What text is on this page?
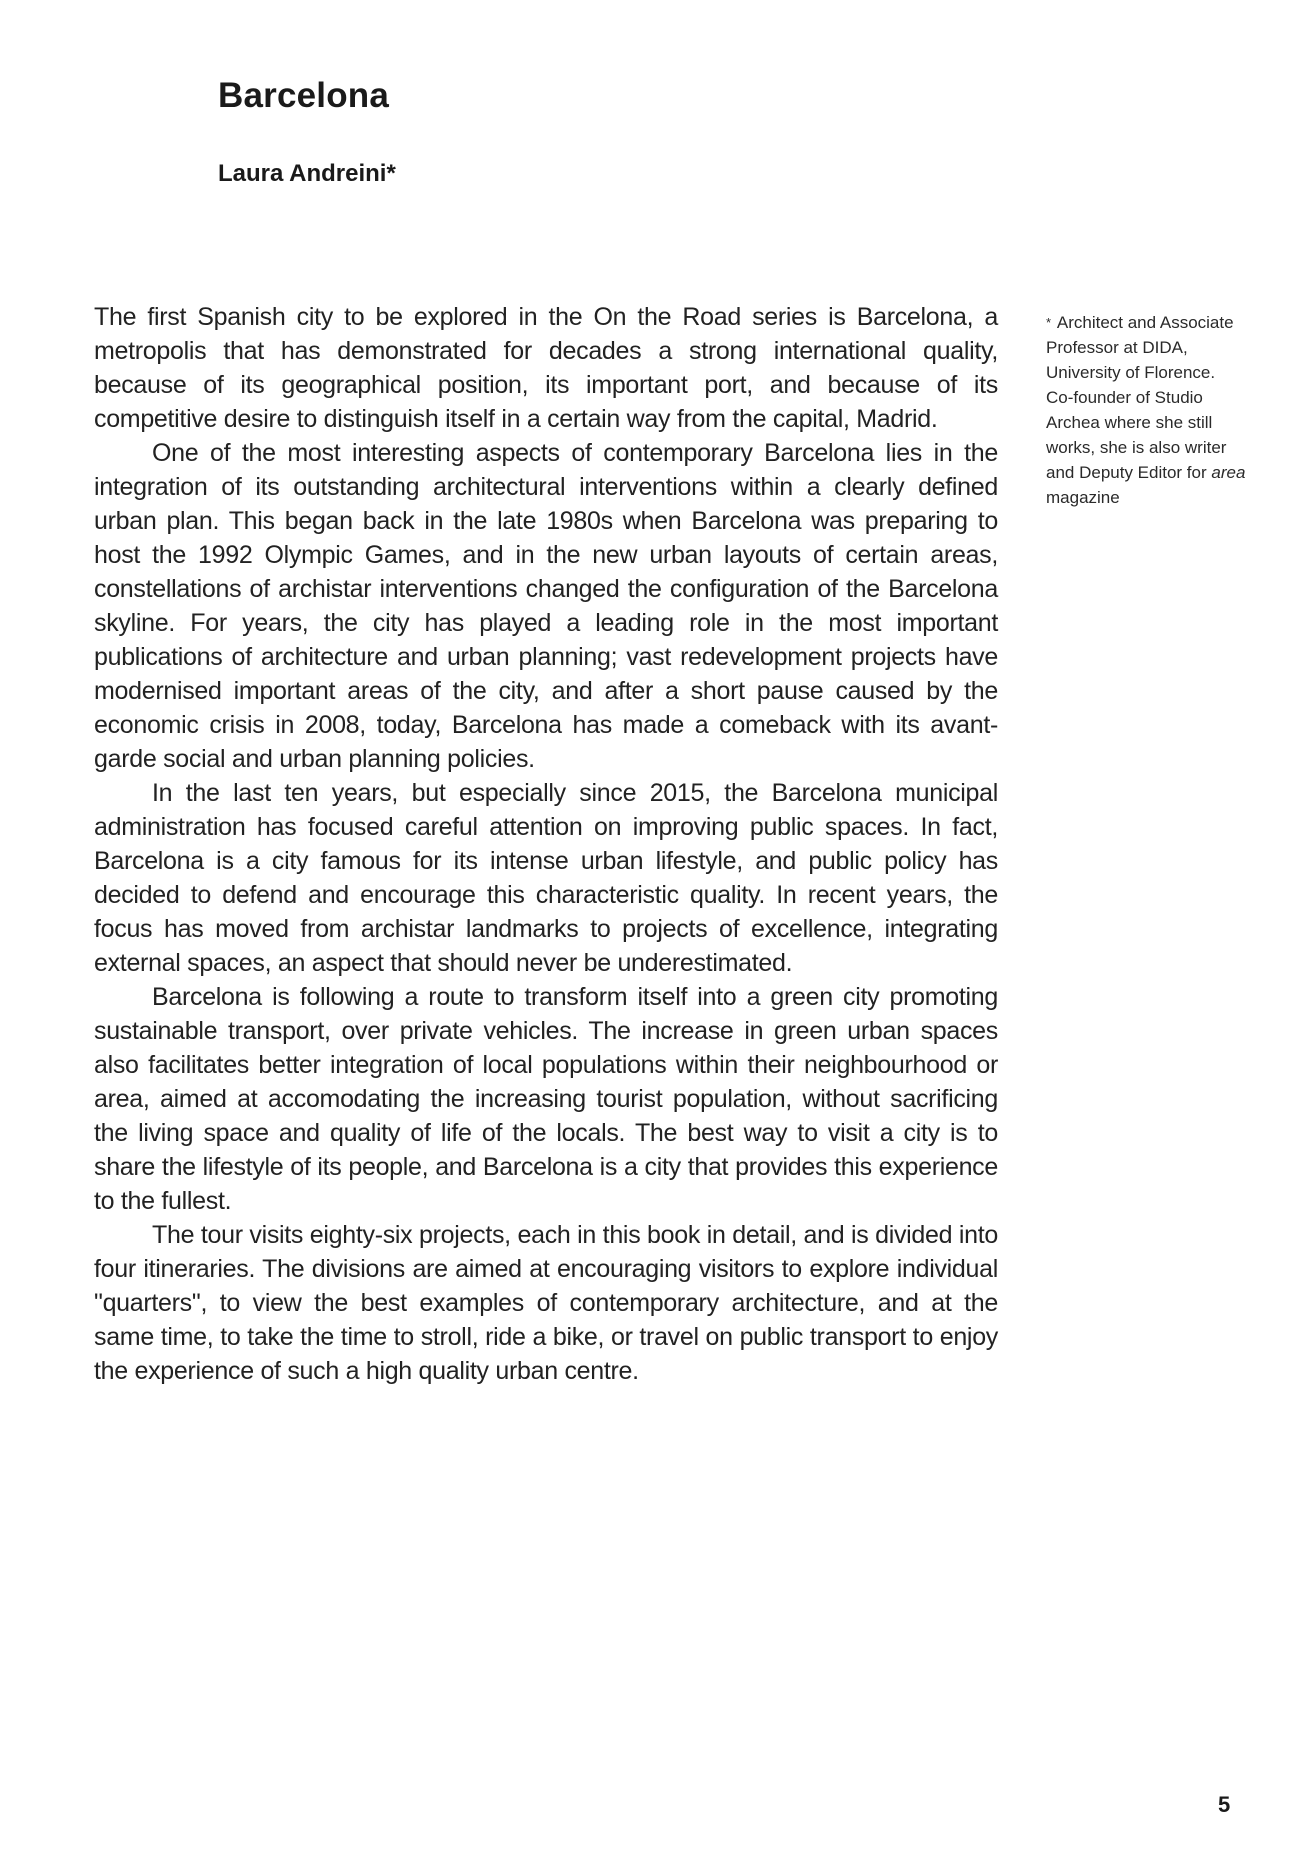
Barcelona
Laura Andreini*

The first Spanish city to be explored in the On the Road series is Barcelona, a metropolis that has demonstrated for decades a strong international quality, because of its geographical position, its important port, and because of its competitive desire to distinguish itself in a certain way from the capital, Madrid.

One of the most interesting aspects of contemporary Barcelona lies in the integration of its outstanding architectural interventions within a clearly defined urban plan. This began back in the late 1980s when Barcelona was preparing to host the 1992 Olympic Games, and in the new urban layouts of certain areas, constellations of archistar interventions changed the configuration of the Barcelona skyline. For years, the city has played a leading role in the most important publications of architecture and urban planning; vast redevelopment projects have modernised important areas of the city, and after a short pause caused by the economic crisis in 2008, today, Barcelona has made a comeback with its avant-garde social and urban planning policies.

In the last ten years, but especially since 2015, the Barcelona municipal administration has focused careful attention on improving public spaces. In fact, Barcelona is a city famous for its intense urban lifestyle, and public policy has decided to defend and encourage this characteristic quality. In recent years, the focus has moved from archistar landmarks to projects of excellence, integrating external spaces, an aspect that should never be underestimated.

Barcelona is following a route to transform itself into a green city promoting sustainable transport, over private vehicles. The increase in green urban spaces also facilitates better integration of local populations within their neighbourhood or area, aimed at accomodating the increasing tourist population, without sacrificing the living space and quality of life of the locals. The best way to visit a city is to share the lifestyle of its people, and Barcelona is a city that provides this experience to the fullest.

The tour visits eighty-six projects, each in this book in detail, and is divided into four itineraries. The divisions are aimed at encouraging visitors to explore individual "quarters", to view the best examples of contemporary architecture, and at the same time, to take the time to stroll, ride a bike, or travel on public transport to enjoy the experience of such a high quality urban centre.

* Architect and Associate Professor at DIDA, University of Florence. Co-founder of Studio Archea where she still works, she is also writer and Deputy Editor for area magazine
5
